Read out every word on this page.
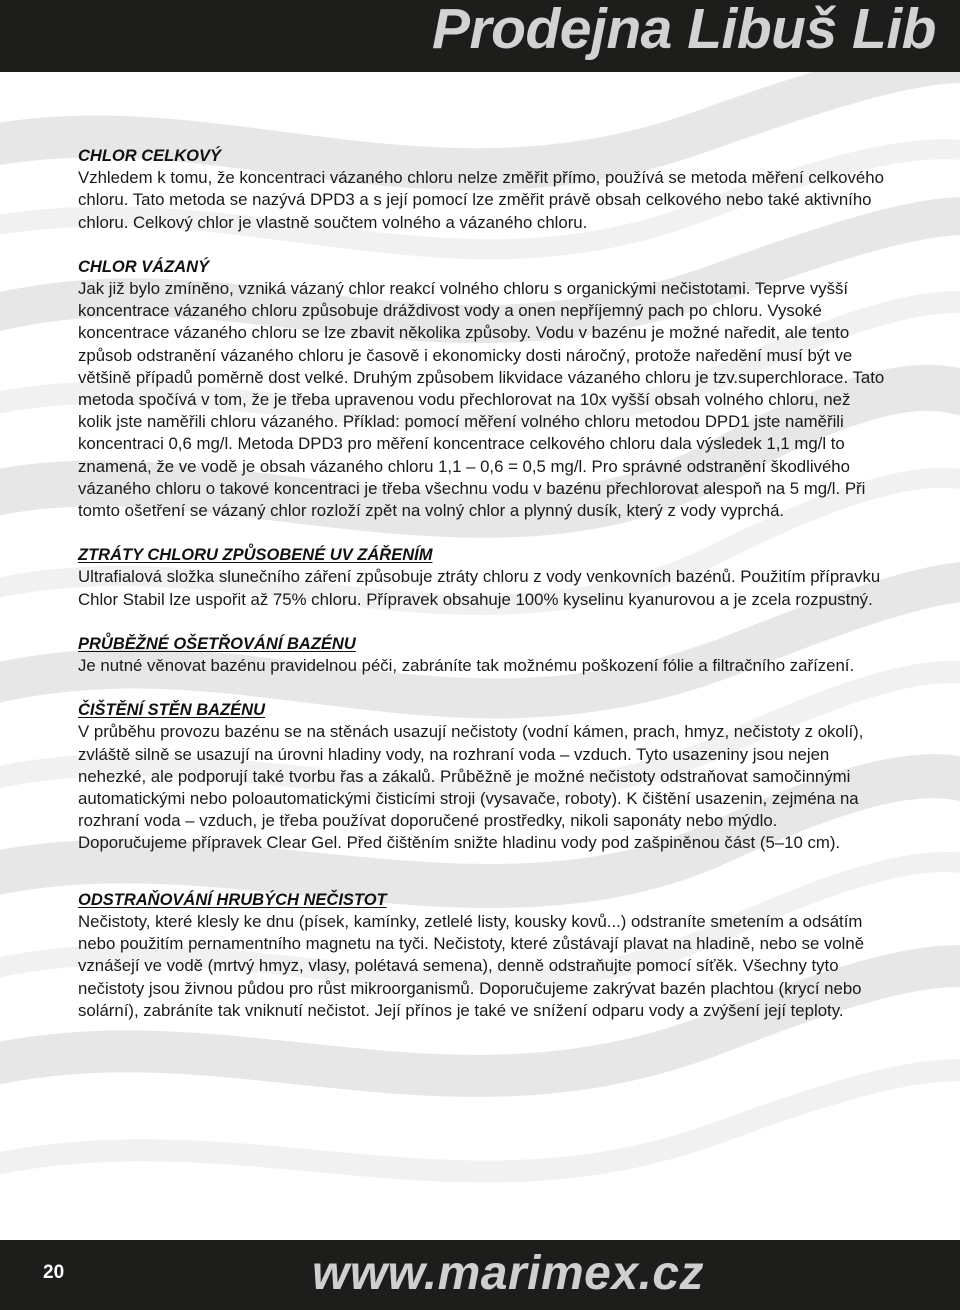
Prodejna Libuš Lib
CHLOR CELKOVÝ

Vzhledem k tomu, že koncentraci vázaného chloru nelze změřit přímo, používá se metoda měření celkového chloru. Tato metoda se nazývá DPD3 a s její pomocí lze změřit právě obsah celkového nebo také aktivního chloru. Celkový chlor je vlastně součtem volného a vázaného chloru.

CHLOR VÁZANÝ

Jak již bylo zmíněno, vzniká vázaný chlor reakcí volného chloru s organickými nečistotami. Teprve vyšší koncentrace vázaného chloru způsobuje dráždivost vody a onen nepříjemný pach po chloru. Vysoké koncentrace vázaného chloru se lze zbavit několika způsoby. Vodu v bazénu je možné naředit, ale tento způsob odstranění vázaného chloru je časově i ekonomicky dosti náročný, protože naředění musí být ve většině případů poměrně dost velké. Druhým způsobem likvidace vázaného chloru je tzv.superchlorace. Tato metoda spočívá v tom, že je třeba upravenou vodu přechlorovat na 10x vyšší obsah volného chloru, než kolik jste naměřili chloru vázaného. Příklad: pomocí měření volného chloru metodou DPD1 jste naměřili koncentraci 0,6 mg/l. Metoda DPD3 pro měření koncentrace celkového chloru dala výsledek 1,1 mg/l to znamená, že ve vodě je obsah vázaného chloru 1,1 – 0,6 = 0,5 mg/l. Pro správné odstranění škodlivého vázaného chloru o takové koncentraci je třeba všechnu vodu v bazénu přechlorovat alespoň na 5 mg/l. Při tomto ošetření se vázaný chlor rozloží zpět na volný chlor a plynný dusík, který z vody vyprchá.

ZTRÁTY CHLORU ZPŮSOBENÉ UV ZÁŘENÍM

Ultrafialová složka slunečního záření způsobuje ztráty chloru z vody venkovních bazénů. Použitím přípravku Chlor Stabil lze uspořit až 75% chloru. Přípravek obsahuje 100% kyselinu kyanurovou a je zcela rozpustný.

PRŮBĚŽNÉ OŠETŘOVÁNÍ BAZÉNU

Je nutné věnovat bazénu pravidelnou péči, zabráníte tak možnému poškození fólie a filtračního zařízení.

ČIŠTĚNÍ STĚN BAZÉNU

V průběhu provozu bazénu se na stěnách usazují nečistoty (vodní kámen, prach, hmyz, nečistoty z okolí), zvláště silně se usazují na úrovni hladiny vody, na rozhraní voda – vzduch. Tyto usazeniny jsou nejen nehezké, ale podporují také tvorbu řas a zákalů. Průběžně je možné nečistoty odstraňovat samočinnými automatickými nebo poloautomatickými čisticími stroji (vysavače, roboty). K čištění usazenin, zejména na rozhraní voda – vzduch, je třeba používat doporučené prostředky, nikoli saponáty nebo mýdlo. Doporučujeme přípravek Clear Gel. Před čištěním snižte hladinu vody pod zašpiněnou část (5–10 cm).

ODSTRAŇOVÁNÍ HRUBÝCH NEČISTOT

Nečistoty, které klesly ke dnu (písek, kamínky, zetlelé listy, kousky kovů...) odstraníte smetením a odsátím nebo použitím pernamentního magnetu na tyči. Nečistoty, které zůstávají plavat na hladině, nebo se volně vznášejí ve vodě (mrtvý hmyz, vlasy, polétavá semena), denně odstraňujte pomocí síťěk. Všechny tyto nečistoty jsou živnou půdou pro růst mikroorganismů. Doporučujeme zakrývat bazén plachtou (krycí nebo solární), zabráníte tak vniknutí nečistot. Její přínos je také ve snížení odparu vody a zvýšení její teploty.

20	www.marimex.cz
